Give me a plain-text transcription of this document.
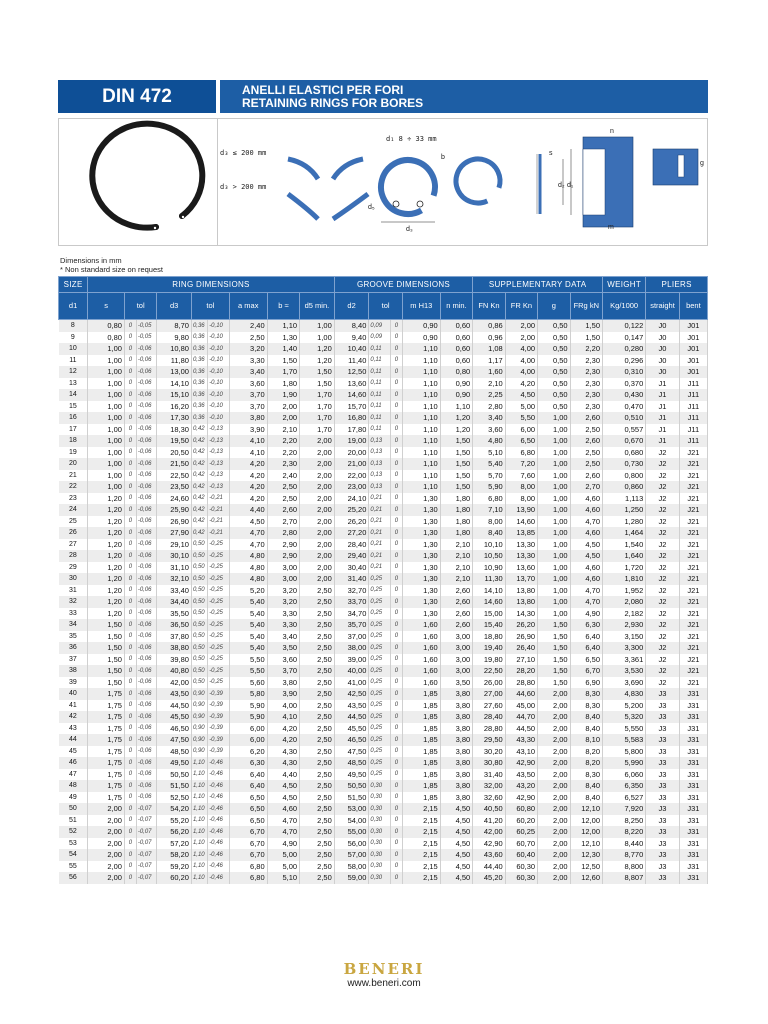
DIN 472	ANELLI ELASTICI PER FORI
RETAINING RINGS FOR BORES
d₃ ≤ 200 mm
d₃ > 200 mm
d₁ 8 ÷ 33 mm
b
d₅
d₃
s
n
d₂ d₁
m
g
Dimensions in mm
* Non standard size on request
SIZE	RING DIMENSIONS									GROOVE DIMENSIONS					SUPPLEMENTARY DATA				WEIGHT	PLIERS	
d1	s	tol		d3	tol		a max	b ≈	d5 min.	d2	tol		m H13	n min.	FN Kn	FR Kn	g	FRg kN	Kg/1000	straight	bent
8	0,80	0	-0,05	8,70	0,36	-0,10	2,40	1,10	1,00	8,40	0,09	0	0,90	0,60	0,86	2,00	0,50	1,50	0,122	J0	J01
9	0,80	0	-0,05	9,80	0,36	-0,10	2,50	1,30	1,00	9,40	0,09	0	0,90	0,60	0,96	2,00	0,50	1,50	0,147	J0	J01
10	1,00	0	-0,06	10,80	0,36	-0,10	3,20	1,40	1,20	10,40	0,11	0	1,10	0,60	1,08	4,00	0,50	2,20	0,280	J0	J01
11	1,00	0	-0,06	11,80	0,36	-0,10	3,30	1,50	1,20	11,40	0,11	0	1,10	0,60	1,17	4,00	0,50	2,30	0,296	J0	J01
12	1,00	0	-0,06	13,00	0,36	-0,10	3,40	1,70	1,50	12,50	0,11	0	1,10	0,80	1,60	4,00	0,50	2,30	0,310	J0	J01
13	1,00	0	-0,06	14,10	0,36	-0,10	3,60	1,80	1,50	13,60	0,11	0	1,10	0,90	2,10	4,20	0,50	2,30	0,370	J1	J11
14	1,00	0	-0,06	15,10	0,36	-0,10	3,70	1,90	1,70	14,60	0,11	0	1,10	0,90	2,25	4,50	0,50	2,30	0,430	J1	J11
15	1,00	0	-0,06	16,20	0,36	-0,10	3,70	2,00	1,70	15,70	0,11	0	1,10	1,10	2,80	5,00	0,50	2,30	0,470	J1	J11
16	1,00	0	-0,06	17,30	0,36	-0,10	3,80	2,00	1,70	16,80	0,11	0	1,10	1,20	3,40	5,50	1,00	2,60	0,510	J1	J11
17	1,00	0	-0,06	18,30	0,42	-0,13	3,90	2,10	1,70	17,80	0,11	0	1,10	1,20	3,60	6,00	1,00	2,50	0,557	J1	J11
18	1,00	0	-0,06	19,50	0,42	-0,13	4,10	2,20	2,00	19,00	0,13	0	1,10	1,50	4,80	6,50	1,00	2,60	0,670	J1	J11
19	1,00	0	-0,06	20,50	0,42	-0,13	4,10	2,20	2,00	20,00	0,13	0	1,10	1,50	5,10	6,80	1,00	2,50	0,680	J2	J21
20	1,00	0	-0,06	21,50	0,42	-0,13	4,20	2,30	2,00	21,00	0,13	0	1,10	1,50	5,40	7,20	1,00	2,50	0,730	J2	J21
21	1,00	0	-0,06	22,50	0,42	-0,13	4,20	2,40	2,00	22,00	0,13	0	1,10	1,50	5,70	7,60	1,00	2,60	0,800	J2	J21
22	1,00	0	-0,06	23,50	0,42	-0,13	4,20	2,50	2,00	23,00	0,13	0	1,10	1,50	5,90	8,00	1,00	2,70	0,860	J2	J21
23	1,20	0	-0,06	24,60	0,42	-0,21	4,20	2,50	2,00	24,10	0,21	0	1,30	1,80	6,80	8,00	1,00	4,60	1,113	J2	J21
24	1,20	0	-0,06	25,90	0,42	-0,21	4,40	2,60	2,00	25,20	0,21	0	1,30	1,80	7,10	13,90	1,00	4,60	1,250	J2	J21
25	1,20	0	-0,06	26,90	0,42	-0,21	4,50	2,70	2,00	26,20	0,21	0	1,30	1,80	8,00	14,60	1,00	4,70	1,280	J2	J21
26	1,20	0	-0,06	27,90	0,42	-0,21	4,70	2,80	2,00	27,20	0,21	0	1,30	1,80	8,40	13,85	1,00	4,60	1,464	J2	J21
27	1,20	0	-0,06	29,10	0,50	-0,25	4,70	2,90	2,00	28,40	0,21	0	1,30	2,10	10,10	13,30	1,00	4,50	1,540	J2	J21
28	1,20	0	-0,06	30,10	0,50	-0,25	4,80	2,90	2,00	29,40	0,21	0	1,30	2,10	10,50	13,30	1,00	4,50	1,640	J2	J21
29	1,20	0	-0,06	31,10	0,50	-0,25	4,80	3,00	2,00	30,40	0,21	0	1,30	2,10	10,90	13,60	1,00	4,60	1,720	J2	J21
30	1,20	0	-0,06	32,10	0,50	-0,25	4,80	3,00	2,00	31,40	0,25	0	1,30	2,10	11,30	13,70	1,00	4,60	1,810	J2	J21
31	1,20	0	-0,06	33,40	0,50	-0,25	5,20	3,20	2,50	32,70	0,25	0	1,30	2,60	14,10	13,80	1,00	4,70	1,952	J2	J21
32	1,20	0	-0,06	34,40	0,50	-0,25	5,40	3,20	2,50	33,70	0,25	0	1,30	2,60	14,60	13,80	1,00	4,70	2,080	J2	J21
33	1,20	0	-0,06	35,50	0,50	-0,25	5,40	3,30	2,50	34,70	0,25	0	1,30	2,60	15,00	14,30	1,00	4,90	2,182	J2	J21
34	1,50	0	-0,06	36,50	0,50	-0,25	5,40	3,30	2,50	35,70	0,25	0	1,60	2,60	15,40	26,20	1,50	6,30	2,930	J2	J21
35	1,50	0	-0,06	37,80	0,50	-0,25	5,40	3,40	2,50	37,00	0,25	0	1,60	3,00	18,80	26,90	1,50	6,40	3,150	J2	J21
36	1,50	0	-0,06	38,80	0,50	-0,25	5,40	3,50	2,50	38,00	0,25	0	1,60	3,00	19,40	26,40	1,50	6,40	3,300	J2	J21
37	1,50	0	-0,06	39,80	0,50	-0,25	5,50	3,60	2,50	39,00	0,25	0	1,60	3,00	19,80	27,10	1,50	6,50	3,361	J2	J21
38	1,50	0	-0,06	40,80	0,50	-0,25	5,50	3,70	2,50	40,00	0,25	0	1,60	3,00	22,50	28,20	1,50	6,70	3,530	J2	J21
39	1,50	0	-0,06	42,00	0,50	-0,25	5,60	3,80	2,50	41,00	0,25	0	1,60	3,50	26,00	28,80	1,50	6,90	3,690	J2	J21
40	1,75	0	-0,06	43,50	0,90	-0,39	5,80	3,90	2,50	42,50	0,25	0	1,85	3,80	27,00	44,60	2,00	8,30	4,830	J3	J31
41	1,75	0	-0,06	44,50	0,90	-0,39	5,90	4,00	2,50	43,50	0,25	0	1,85	3,80	27,60	45,00	2,00	8,30	5,200	J3	J31
42	1,75	0	-0,06	45,50	0,90	-0,39	5,90	4,10	2,50	44,50	0,25	0	1,85	3,80	28,40	44,70	2,00	8,40	5,320	J3	J31
43	1,75	0	-0,06	46,50	0,90	-0,39	6,00	4,20	2,50	45,50	0,25	0	1,85	3,80	28,80	44,50	2,00	8,40	5,550	J3	J31
44	1,75	0	-0,06	47,50	0,90	-0,39	6,00	4,20	2,50	46,50	0,25	0	1,85	3,80	29,50	43,30	2,00	8,10	5,583	J3	J31
45	1,75	0	-0,06	48,50	0,90	-0,39	6,20	4,30	2,50	47,50	0,25	0	1,85	3,80	30,20	43,10	2,00	8,20	5,800	J3	J31
46	1,75	0	-0,06	49,50	1,10	-0,46	6,30	4,30	2,50	48,50	0,25	0	1,85	3,80	30,80	42,90	2,00	8,20	5,990	J3	J31
47	1,75	0	-0,06	50,50	1,10	-0,46	6,40	4,40	2,50	49,50	0,25	0	1,85	3,80	31,40	43,50	2,00	8,30	6,060	J3	J31
48	1,75	0	-0,06	51,50	1,10	-0,46	6,40	4,50	2,50	50,50	0,30	0	1,85	3,80	32,00	43,20	2,00	8,40	6,350	J3	J31
49	1,75	0	-0,06	52,50	1,10	-0,46	6,50	4,50	2,50	51,50	0,30	0	1,85	3,80	32,60	42,90	2,00	8,40	6,527	J3	J31
50	2,00	0	-0,07	54,20	1,10	-0,46	6,50	4,60	2,50	53,00	0,30	0	2,15	4,50	40,50	60,80	2,00	12,10	7,920	J3	J31
51	2,00	0	-0,07	55,20	1,10	-0,46	6,50	4,70	2,50	54,00	0,30	0	2,15	4,50	41,20	60,20	2,00	12,00	8,250	J3	J31
52	2,00	0	-0,07	56,20	1,10	-0,46	6,70	4,70	2,50	55,00	0,30	0	2,15	4,50	42,00	60,25	2,00	12,00	8,220	J3	J31
53	2,00	0	-0,07	57,20	1,10	-0,46	6,70	4,90	2,50	56,00	0,30	0	2,15	4,50	42,90	60,70	2,00	12,10	8,440	J3	J31
54	2,00	0	-0,07	58,20	1,10	-0,46	6,70	5,00	2,50	57,00	0,30	0	2,15	4,50	43,60	60,40	2,00	12,30	8,770	J3	J31
55	2,00	0	-0,07	59,20	1,10	-0,46	6,80	5,00	2,50	58,00	0,30	0	2,15	4,50	44,40	60,30	2,00	12,50	8,800	J3	J31
56	2,00	0	-0,07	60,20	1,10	-0,46	6,80	5,10	2,50	59,00	0,30	0	2,15	4,50	45,20	60,30	2,00	12,60	8,807	J3	J31
BENERI
www.beneri.com
